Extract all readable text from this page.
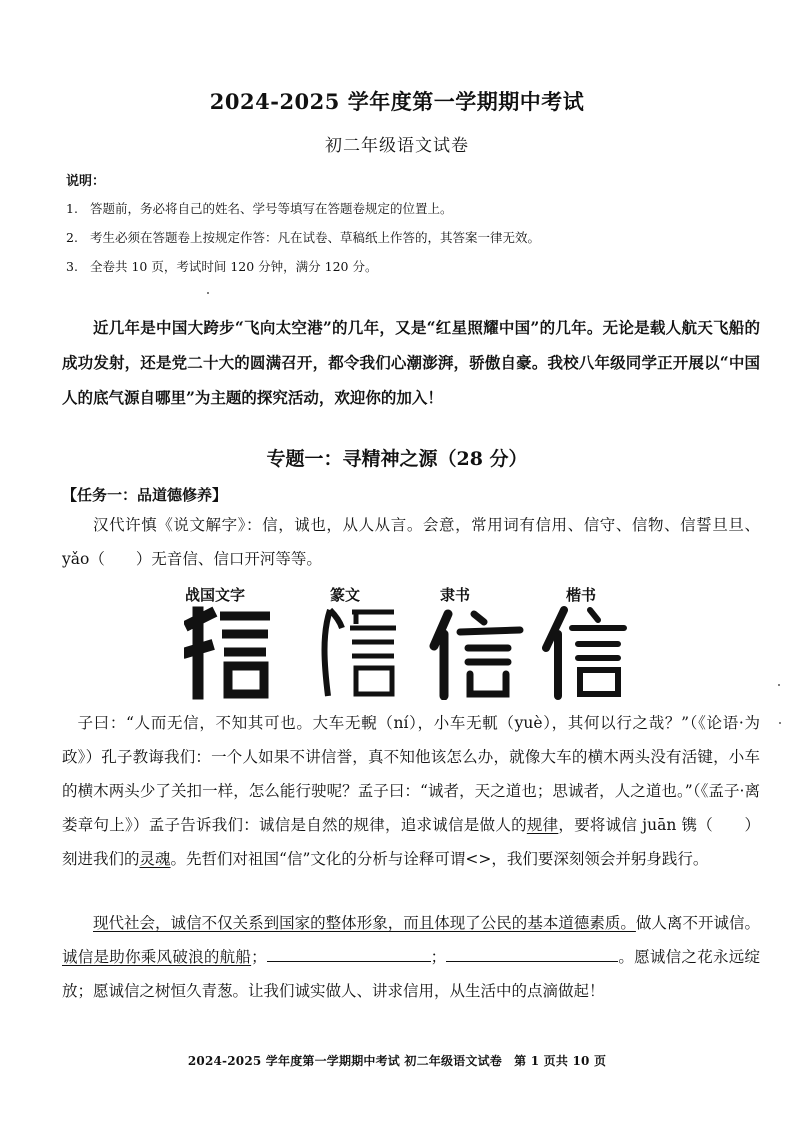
2024-2025 学年度第一学期期中考试
初二年级语文试卷
说明：
1. 答题前，务必将自己的姓名、学号等填写在答题卷规定的位置上。
2. 考生必须在答题卷上按规定作答：凡在试卷、草稿纸上作答的，其答案一律无效。
3. 全卷共 10 页，考试时间 120 分钟，满分 120 分。
近几年是中国大跨步“飞向太空港”的几年，又是“红星照耀中国”的几年。无论是载人航天飞船的成功发射，还是党二十大的圆满召开，都令我们心潮澎湃，骄傲自豪。我校八年级同学正开展以“中国人的底气源自哪里”为主题的探究活动，欢迎你的加入！
专题一：寻精神之源（28 分）
【任务一：品道德修养】
汉代许慎《说文解字》：信，诚也，从人从言。会意，常用词有信用、信守、信物、信誓旦旦、yǎo（　　）无音信、信口开河等等。
战国文字	篆文	隶书	楷书
子曰：“人而无信，不知其可也。大车无輗（ní），小车无軏（yuè），其何以行之哉？”（《论语·为政》）孔子教诲我们：一个人如果不讲信誉，真不知他该怎么办，就像大车的横木两头没有活键，小车的横木两头少了关扣一样，怎么能行驶呢？孟子曰：“诚者，天之道也；思诚者，人之道也。”（《孟子·离娄章句上》）孟子告诉我们：诚信是自然的规律，追求诚信是做人的规律，要将诚信 juān 镌（　　）刻进我们的灵魂。先哲们对祖国“信”文化的分析与诠释可谓<>，我们要深刻领会并躬身践行。
现代社会，诚信不仅关系到国家的整体形象，而且体现了公民的基本道德素质。做人离不开诚信。诚信是助你乘风破浪的航船；	；	。愿诚信之花永远绽放；愿诚信之树恒久青葱。让我们诚实做人、讲求信用，从生活中的点滴做起！
2024-2025 学年度第一学期期中考试 初二年级语文试卷　第 1 页共 10 页
